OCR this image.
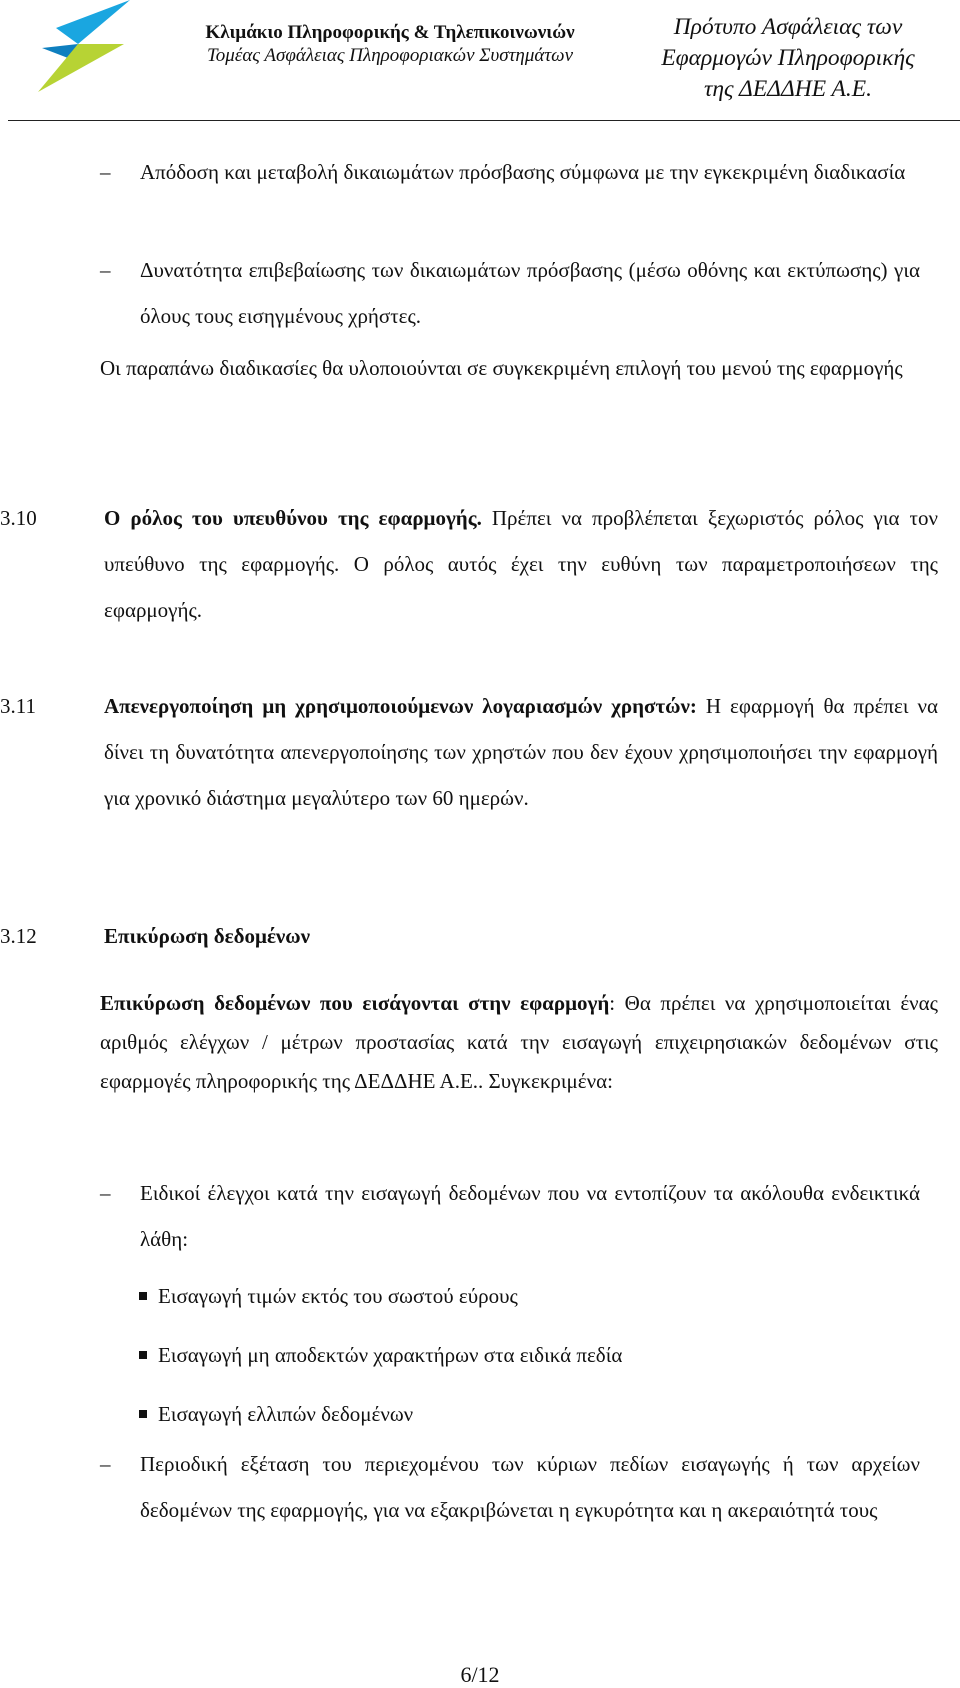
Κλιμάκιο Πληροφορικής & Τηλεπικοινωνιών
Τομέας Ασφάλειας Πληροφοριακών Συστημάτων
Πρότυπο Ασφάλειας των
Εφαρμογών Πληροφορικής
της ΔΕΔΔΗΕ Α.Ε.
– Απόδοση και μεταβολή δικαιωμάτων πρόσβασης σύμφωνα με την εγκεκριμένη διαδικασία

– Δυνατότητα επιβεβαίωσης των δικαιωμάτων πρόσβασης (μέσω οθόνης και εκτύπωσης) για όλους τους εισηγμένους χρήστες.

Οι παραπάνω διαδικασίες θα υλοποιούνται σε συγκεκριμένη επιλογή του μενού της εφαρμογής

3.10	Ο ρόλος του υπευθύνου της εφαρμογής. Πρέπει να προβλέπεται ξεχωριστός ρόλος για τον υπεύθυνο της εφαρμογής. Ο ρόλος αυτός έχει την ευθύνη των παραμετροποιήσεων της εφαρμογής.

3.11	Απενεργοποίηση μη χρησιμοποιούμενων λογαριασμών χρηστών: Η εφαρμογή θα πρέπει να δίνει τη δυνατότητα απενεργοποίησης των χρηστών που δεν έχουν χρησιμοποιήσει την εφαρμογή για χρονικό διάστημα μεγαλύτερο των 60 ημερών.

3.12	Επικύρωση δεδομένων

Επικύρωση δεδομένων που εισάγονται στην εφαρμογή: Θα πρέπει να χρησιμοποιείται ένας αριθμός ελέγχων / μέτρων προστασίας κατά την εισαγωγή επιχειρησιακών δεδομένων στις εφαρμογές πληροφορικής της ΔΕΔΔΗΕ Α.Ε.. Συγκεκριμένα:

– Ειδικοί έλεγχοι κατά την εισαγωγή δεδομένων που να εντοπίζουν τα ακόλουθα ενδεικτικά λάθη:

Εισαγωγή τιμών εκτός του σωστού εύρους

Εισαγωγή μη αποδεκτών χαρακτήρων στα ειδικά πεδία

Εισαγωγή ελλιπών δεδομένων

– Περιοδική εξέταση του περιεχομένου των κύριων πεδίων εισαγωγής ή των αρχείων δεδομένων της εφαρμογής, για να εξακριβώνεται η εγκυρότητα και η ακεραιότητά τους

6/12
